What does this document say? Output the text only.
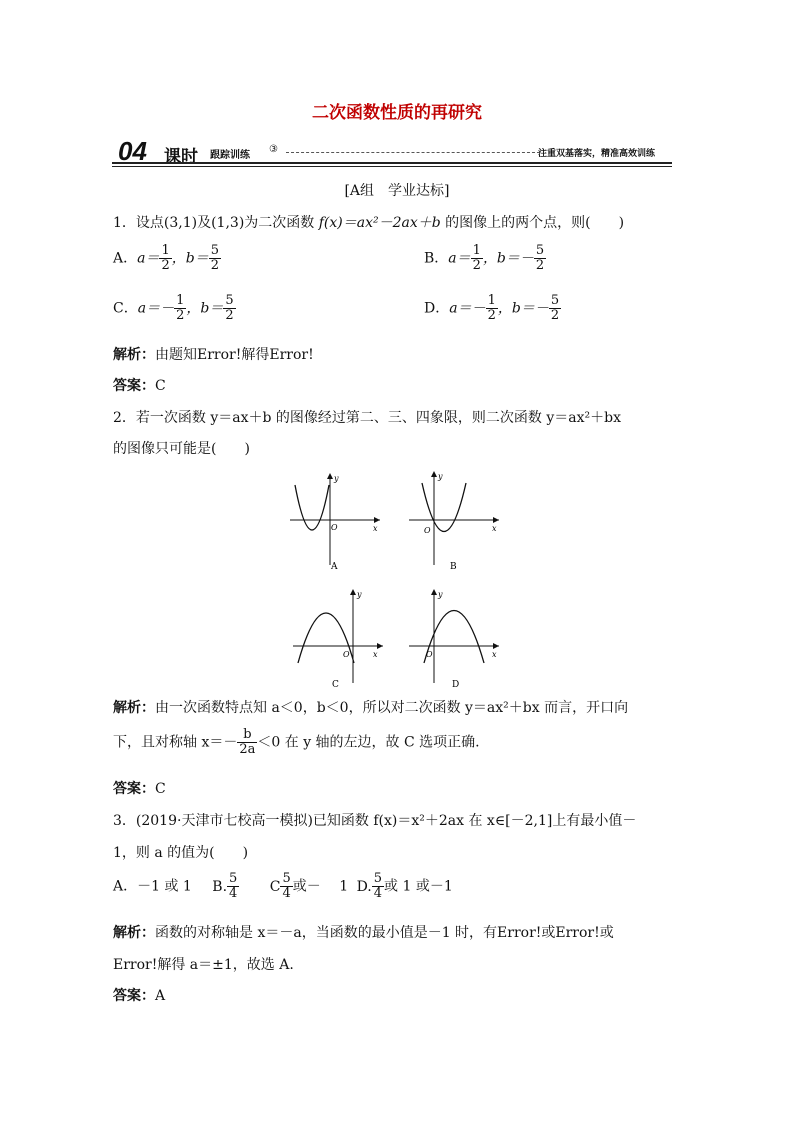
二次函数性质的再研究
04 课时 跟踪训练
③	注重双基落实，精准高效训练
[A组　学业达标]
1．设点(3,1)及(1,3)为二次函数 f(x)＝ax²－2ax＋b 的图像上的两个点，则(　　)
A．$a= \frac{1}{2}$ ，$b= \frac{5}{2}$	B．$a= \frac{1}{2}$ ，$b=- \frac{5}{2}$
C．$a=- \frac{1}{2}$ ，$b= \frac{5}{2}$	D．$a=- \frac{1}{2}$ ，$b=- \frac{5}{2}$
解析：由题知Error!解得Error!
答案：C
2．若一次函数 y＝ax＋b 的图像经过第二、三、四象限，则二次函数 y＝ax²＋bx
的图像只可能是(　　)
y
x
O
A
y
x
O
B
y
x
O
C
y
x
O
D
解析：由一次函数特点知 a＜0，b＜0，所以对二次函数 y＝ax²＋bx 而言，开口向
下，且对称轴 $x=- \frac{b}{2a} <0$ 在 y 轴的左边，故 C 选项正确.
答案：C
3．(2019·天津市七校高一模拟)已知函数 f(x)＝x²＋2ax 在 x∈[－2,1]上有最小值－
1，则 a 的值为(　　)
A．－1 或 1 B. $\frac{5}{4}$ C $\frac{5}{4}$ 或－　 1 D. $\frac{5}{4}$ 或 1 或－1
解析：函数的对称轴是 x＝－a，当函数的最小值是－1 时，有Error!或Error!或
Error!解得 a＝±1，故选 A.
答案：A
